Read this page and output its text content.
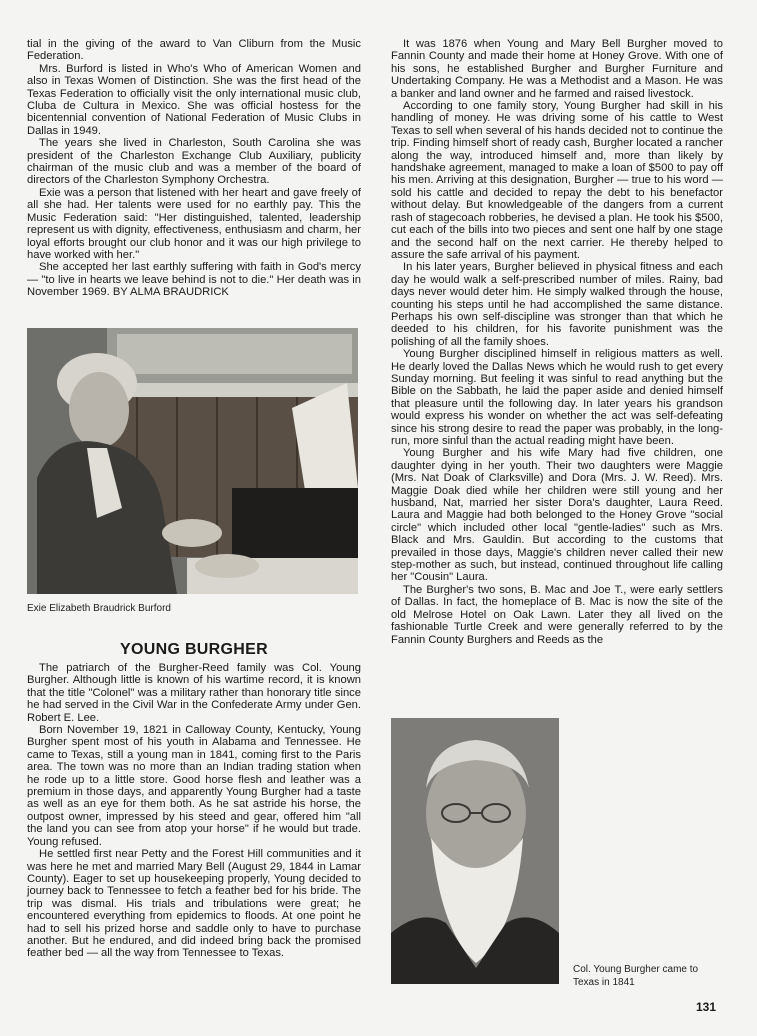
tial in the giving of the award to Van Cliburn from the Music Federation.

Mrs. Burford is listed in Who's Who of American Women and also in Texas Women of Distinction. She was the first head of the Texas Federation to officially visit the only international music club, Cluba de Cultura in Mexico. She was official hostess for the bicentennial convention of National Federation of Music Clubs in Dallas in 1949.

The years she lived in Charleston, South Carolina she was president of the Charleston Exchange Club Auxiliary, publicity chairman of the music club and was a member of the board of directors of the Charleston Symphony Orchestra.

Exie was a person that listened with her heart and gave freely of all she had. Her talents were used for no earthly pay. This the Music Federation said: "Her distinguished, talented, leadership represent us with dignity, effectiveness, enthusiasm and charm, her loyal efforts brought our club honor and it was our high privilege to have worked with her."

She accepted her last earthly suffering with faith in God's mercy — "to live in hearts we leave behind is not to die." Her death was in November 1969. BY ALMA BRAUDRICK

Exie Elizabeth Braudrick Burford
YOUNG BURGHER

The patriarch of the Burgher-Reed family was Col. Young Burgher. Although little is known of his wartime record, it is known that the title "Colonel" was a military rather than honorary title since he had served in the Civil War in the Confederate Army under Gen. Robert E. Lee.

Born November 19, 1821 in Calloway County, Kentucky, Young Burgher spent most of his youth in Alabama and Tennessee. He came to Texas, still a young man in 1841, coming first to the Paris area. The town was no more than an Indian trading station when he rode up to a little store. Good horse flesh and leather was a premium in those days, and apparently Young Burgher had a taste as well as an eye for them both. As he sat astride his horse, the outpost owner, impressed by his steed and gear, offered him "all the land you can see from atop your horse" if he would but trade. Young refused.

He settled first near Petty and the Forest Hill communities and it was here he met and married Mary Bell (August 29, 1844 in Lamar County). Eager to set up housekeeping properly, Young decided to journey back to Tennessee to fetch a feather bed for his bride. The trip was dismal. His trials and tribulations were great; he encountered everything from epidemics to floods. At one point he had to sell his prized horse and saddle only to have to purchase another. But he endured, and did indeed bring back the promised feather bed — all the way from Tennessee to Texas.

It was 1876 when Young and Mary Bell Burgher moved to Fannin County and made their home at Honey Grove. With one of his sons, he established Burgher and Burgher Furniture and Undertaking Company. He was a Methodist and a Mason. He was a banker and land owner and he farmed and raised livestock.

According to one family story, Young Burgher had skill in his handling of money. He was driving some of his cattle to West Texas to sell when several of his hands decided not to continue the trip. Finding himself short of ready cash, Burgher located a rancher along the way, introduced himself and, more than likely by handshake agreement, managed to make a loan of $500 to pay off his men. Arriving at this designation, Burgher — true to his word — sold his cattle and decided to repay the debt to his benefactor without delay. But knowledgeable of the dangers from a current rash of stagecoach robberies, he devised a plan. He took his $500, cut each of the bills into two pieces and sent one half by one stage and the second half on the next carrier. He thereby helped to assure the safe arrival of his payment.

In his later years, Burgher believed in physical fitness and each day he would walk a self-prescribed number of miles. Rainy, bad days never would deter him. He simply walked through the house, counting his steps until he had accomplished the same distance. Perhaps his own self-discipline was stronger than that which he deeded to his children, for his favorite punishment was the polishing of all the family shoes.

Young Burgher disciplined himself in religious matters as well. He dearly loved the Dallas News which he would rush to get every Sunday morning. But feeling it was sinful to read anything but the Bible on the Sabbath, he laid the paper aside and denied himself that pleasure until the following day. In later years his grandson would express his wonder on whether the act was self-defeating since his strong desire to read the paper was probably, in the long-run, more sinful than the actual reading might have been.

Young Burgher and his wife Mary had five children, one daughter dying in her youth. Their two daughters were Maggie (Mrs. Nat Doak of Clarksville) and Dora (Mrs. J. W. Reed). Mrs. Maggie Doak died while her children were still young and her husband, Nat, married her sister Dora's daughter, Laura Reed. Laura and Maggie had both belonged to the Honey Grove "social circle" which included other local "gentle-ladies" such as Mrs. Black and Mrs. Gauldin. But according to the customs that prevailed in those days, Maggie's children never called their new step-mother as such, but instead, continued throughout life calling her "Cousin" Laura.

The Burgher's two sons, B. Mac and Joe T., were early settlers of Dallas. In fact, the homeplace of B. Mac is now the site of the old Melrose Hotel on Oak Lawn. Later they all lived on the fashionable Turtle Creek and were generally referred to by the Fannin County Burghers and Reeds as the

Col. Young Burgher came to Texas in 1841
131
